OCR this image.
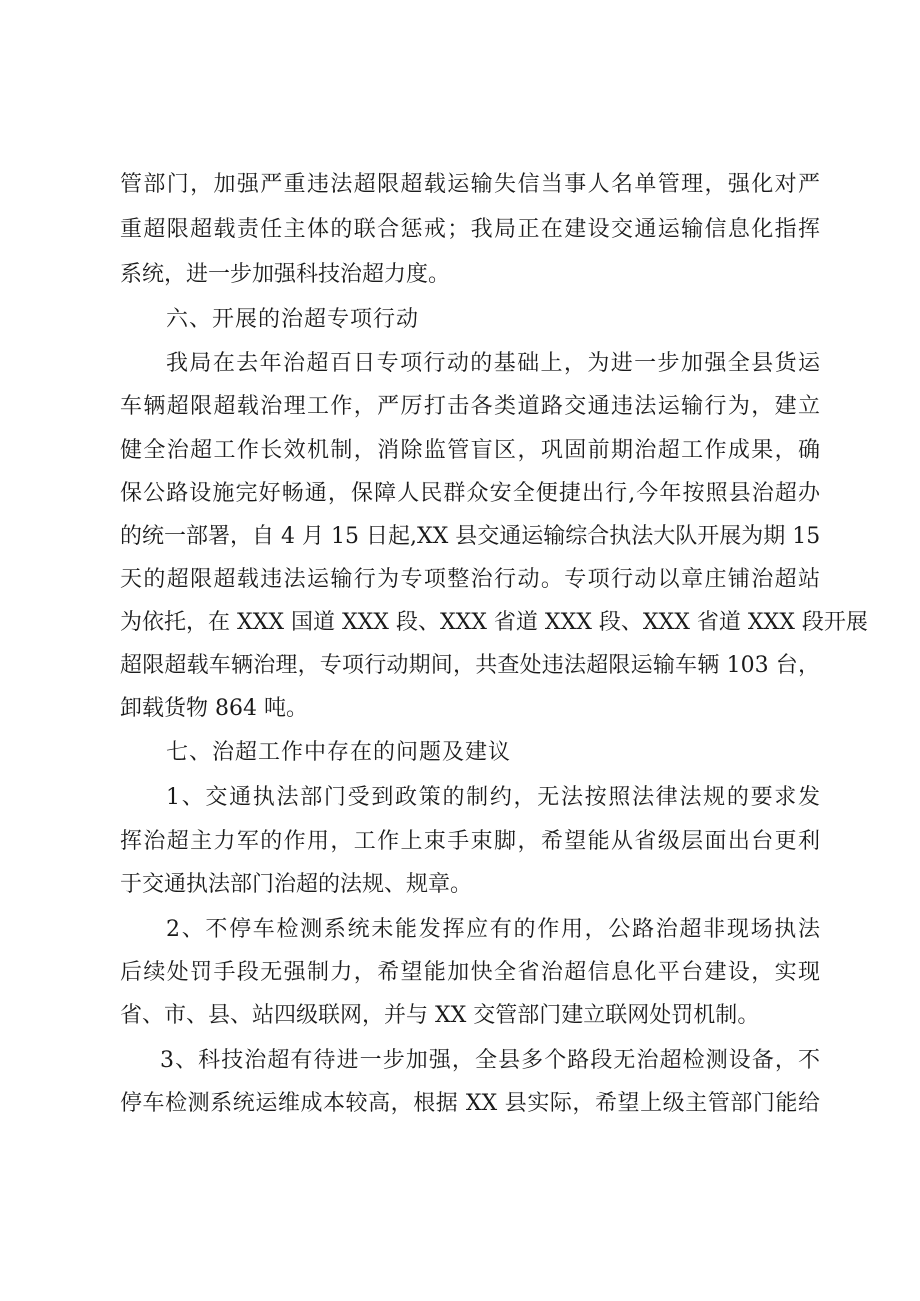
管部门，加强严重违法超限超载运输失信当事人名单管理，强化对严
重超限超载责任主体的联合惩戒；我局正在建设交通运输信息化指挥
系统，进一步加强科技治超力度。
六、开展的治超专项行动
我局在去年治超百日专项行动的基础上，为进一步加强全县货运
车辆超限超载治理工作，严厉打击各类道路交通违法运输行为，建立
健全治超工作长效机制，消除监管盲区，巩固前期治超工作成果，确
保公路设施完好畅通，保障人民群众安全便捷出行,今年按照县治超办
的统一部署，自 4 月 15 日起,XX 县交通运输综合执法大队开展为期 15
天的超限超载违法运输行为专项整治行动。专项行动以章庄铺治超站
为依托，在 XXX 国道 XXX 段、XXX 省道 XXX 段、XXX 省道 XXX 段开展
超限超载车辆治理，专项行动期间，共查处违法超限运输车辆 103 台，
卸载货物 864 吨。
七、治超工作中存在的问题及建议
1、交通执法部门受到政策的制约，无法按照法律法规的要求发
挥治超主力军的作用，工作上束手束脚，希望能从省级层面出台更利
于交通执法部门治超的法规、规章。
2、不停车检测系统未能发挥应有的作用，公路治超非现场执法
后续处罚手段无强制力，希望能加快全省治超信息化平台建设，实现
省、市、县、站四级联网，并与 XX 交管部门建立联网处罚机制。
3、科技治超有待进一步加强，全县多个路段无治超检测设备，不
停车检测系统运维成本较高，根据 XX 县实际，希望上级主管部门能给
